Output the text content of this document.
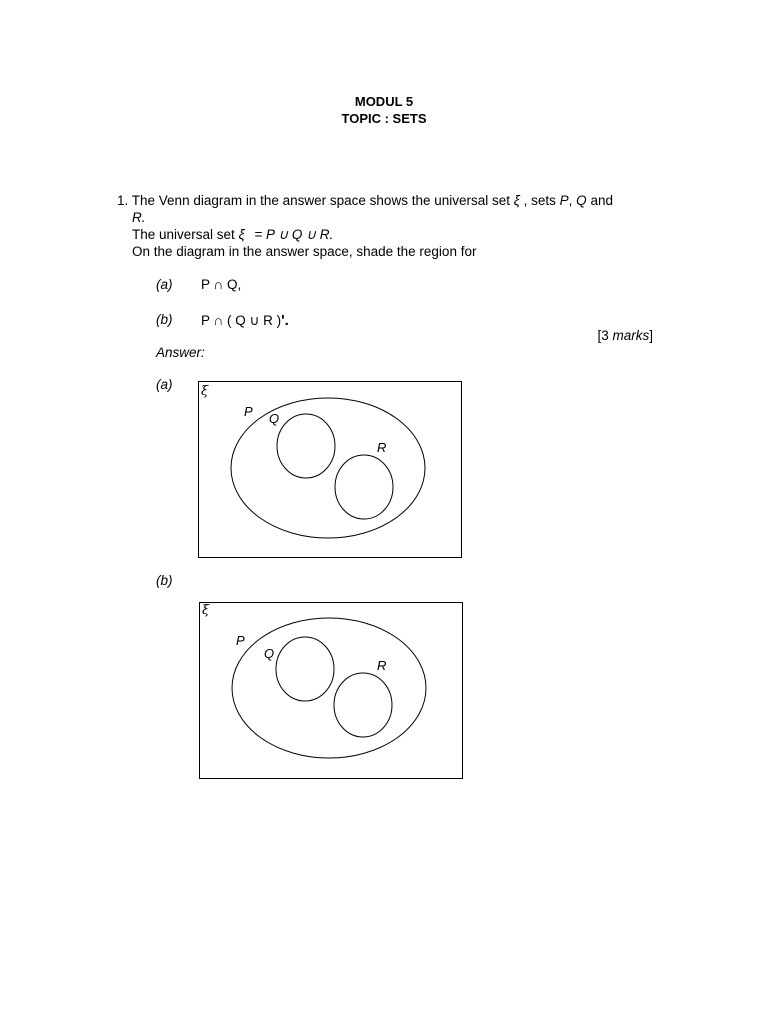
MODUL 5
TOPIC : SETS
1. The Venn diagram in the answer space shows the universal set ξ , sets P, Q and
R.
The universal set ξ = P ∪ Q ∪ R.
On the diagram in the answer space, shade the region for
(a) P ∩ Q,
(b) P ∩ ( Q ∪ R )'.
[3 marks]
Answer:
(a) ξ
P Q
R
(b)
ξ
P
Q
R
